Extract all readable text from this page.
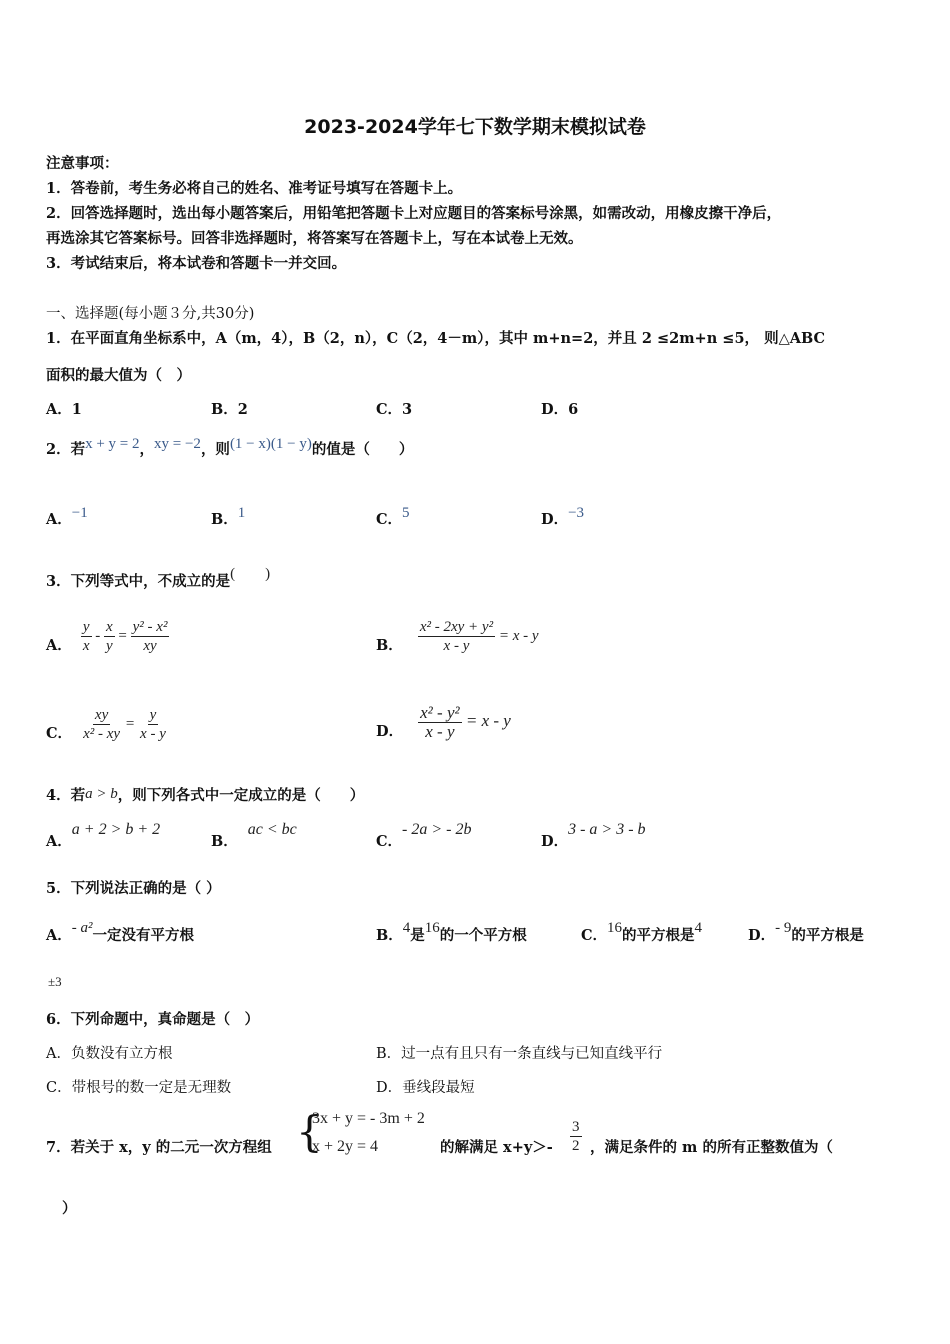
2023-2024学年七下数学期末模拟试卷
注意事项：
1．答卷前，考生务必将自己的姓名、准考证号填写在答题卡上。
2．回答选择题时，选出每小题答案后，用铅笔把答题卡上对应题目的答案标号涂黑，如需改动，用橡皮擦干净后，
再选涂其它答案标号。回答非选择题时，将答案写在答题卡上，写在本试卷上无效。
3．考试结束后，将本试卷和答题卡一并交回。
一、选择题(每小题３分,共30分)
1．在平面直角坐标系中，A（m，4），B（2，n），C（2，4－m），其中 m+n=2，并且 2 ≤2m+n ≤5， 则△ABC
面积的最大值为（　）
A．1	B．2	C．3	D．6
2．若x + y = 2，xy = −2，则(1 − x)(1 − y)的值是（　　）
A．−1	B．1	C．5	D．−3
3．下列等式中，不成立的是(　　)
A． $\frac{y}{x} - \frac{x}{y} = \frac{\text{y² - x²}}{xy}$	B． $\frac{\text{x² - 2xy + y²}}{x - y} = x - y$
C． $\frac{xy}{\text{x² - xy}} = \frac{y}{x - y}$	D． $\frac{\text{x² - y²}}{x - y} = x - y$
4．若a > b，则下列各式中一定成立的是（　　）
A．a + 2 > b + 2
B．ac < bc
C．- 2a > - 2b
D．3 - a > 3 - b
5．下列说法正确的是（ ）
A．- a²一定没有平方根	B．4是16的一个平方根	C．16的平方根是4	D．- 9的平方根是
±3
6．下列命题中，真命题是（　）
A．负数没有立方根	B．过一点有且只有一条直线与已知直线平行
C．带根号的数一定是无理数	D．垂线段最短
7．若关于 x，y 的二元一次方程组 {
3x + y = - 3m + 2
x + 2y = 4	的解满足 $x+y>- \frac{3}{2}$ ，满足条件的 m 的所有正整数值为（
）
